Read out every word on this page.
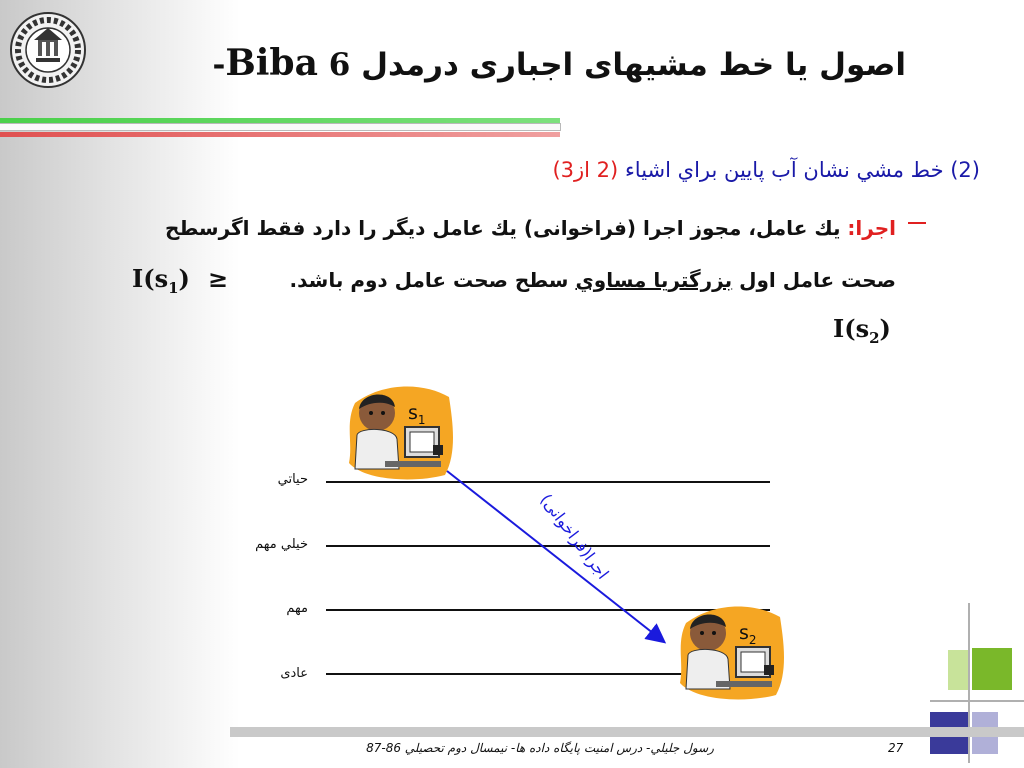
اصول يا خط مشيهای اجباری درمدل Biba 6-
(2) خط مشي نشان آب پايين براي اشياء (2 از3)
اجرا: يك عامل، مجوز اجرا (فراخوانی) يك عامل ديگر را دارد فقط اگرسطح
صحت عامل اول بزرگتريا مساوي سطح صحت عامل دوم باشد.
$I(s_1)$ ≥
$I(s_2)$
حياتي
خيلي مهم
مهم
عادی
$s_1$
$s_2$
اجرا(فراخوانی)
رسول جليلي- درس امنيت پايگاه داده ها- نيمسال دوم تحصيلي 86-87	27
